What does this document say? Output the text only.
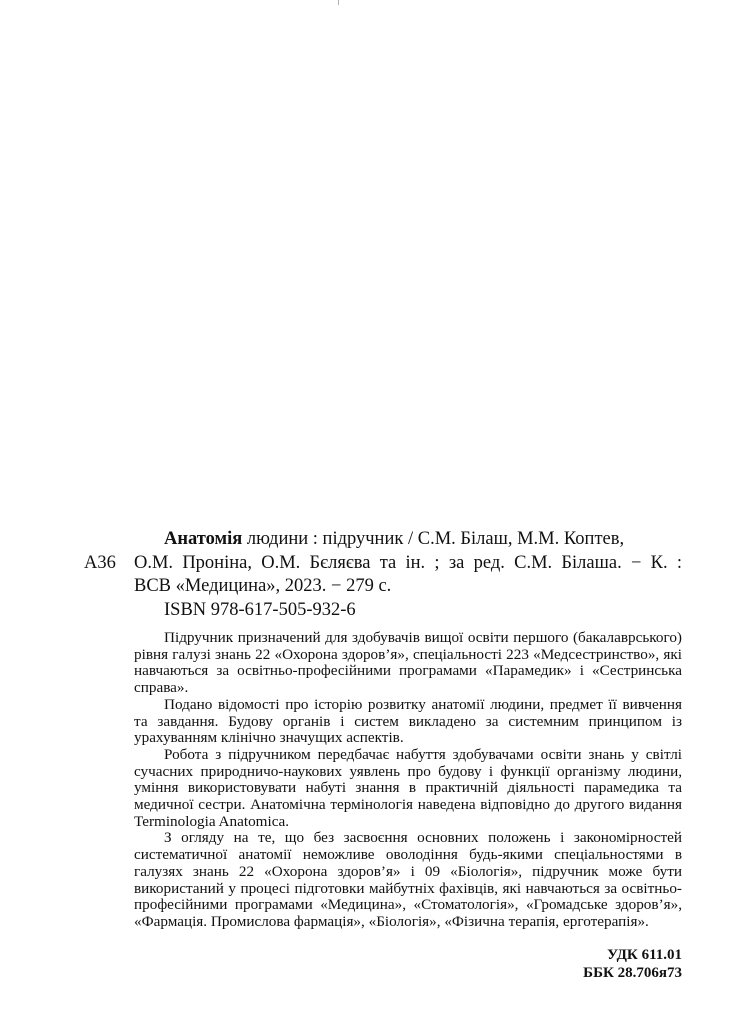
А36

Анатомія людини : підручник / С.М. Білаш, М.М. Коптев,

О.М. Проніна, О.М. Бєляєва та ін. ; за ред. С.М. Білаша. − К. :

ВСВ «Медицина», 2023. − 279 с.

ISBN 978-617-505-932-6

Підручник призначений для здобувачів вищої освіти першого (бакалаврського) рівня галузі знань 22 «Охорона здоров’я», спеціальності 223 «Медсестринство», які навчаються за освітньо-професійними програмами «Парамедик» і «Сестринська справа».

Подано відомості про історію розвитку анатомії людини, предмет її вивчення та завдання. Будову органів і систем викладено за системним принципом із урахуванням клінічно значущих аспектів.

Робота з підручником передбачає набуття здобувачами освіти знань у світлі сучасних природничо-наукових уявлень про будову і функції організму людини, уміння використовувати набуті знання в практичній діяльності парамедика та медичної сестри. Анатомічна термінологія наведена відповідно до другого видання Terminologia Anatomica.

З огляду на те, що без засвоєння основних положень і закономірностей систематичної анатомії неможливе оволодіння будь-якими спеціальностями в галузях знань 22 «Охорона здоров’я» і 09 «Біологія», підручник може бути використаний у процесі підготовки майбутніх фахівців, які навчаються за освітньо-професійними програмами «Медицина», «Стоматологія», «Громадське здоров’я», «Фармація. Промислова фармація», «Біологія», «Фізична терапія, ерготерапія».

УДК 611.01
ББК 28.706я73
